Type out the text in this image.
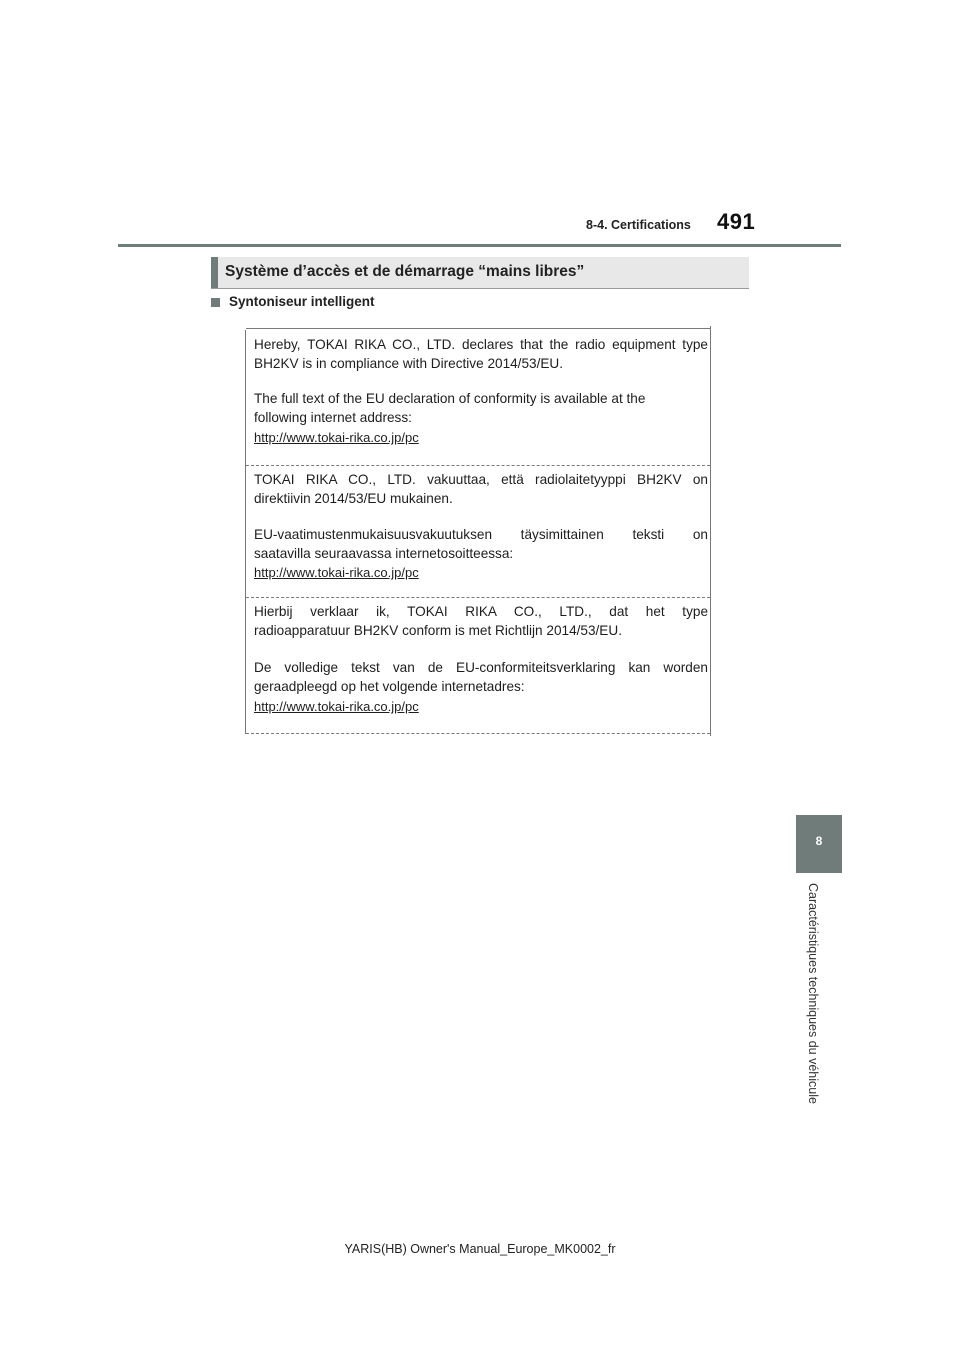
8-4. Certifications 491
Système d’accès et de démarrage “mains libres”
Syntoniseur intelligent
Hereby, TOKAI RIKA CO., LTD. declares that the radio equipment type
BH2KV is in compliance with Directive 2014/53/EU.
The full text of the EU declaration of conformity is available at the
following internet address:
http://www.tokai-rika.co.jp/pc
TOKAI RIKA CO., LTD. vakuuttaa, että radiolaitetyyppi BH2KV on
direktiivin 2014/53/EU mukainen.
EU-vaatimustenmukaisuusvakuutuksen täysimittainen teksti on
saatavilla seuraavassa internetosoitteessa:
http://www.tokai-rika.co.jp/pc
Hierbij verklaar ik, TOKAI RIKA CO., LTD., dat het type
radioapparatuur BH2KV conform is met Richtlijn 2014/53/EU.
De volledige tekst van de EU-conformiteitsverklaring kan worden
geraadpleegd op het volgende internetadres:
http://www.tokai-rika.co.jp/pc
8
Caractéristiques techniques du véhicule
YARIS(HB) Owner's Manual_Europe_MK0002_fr
